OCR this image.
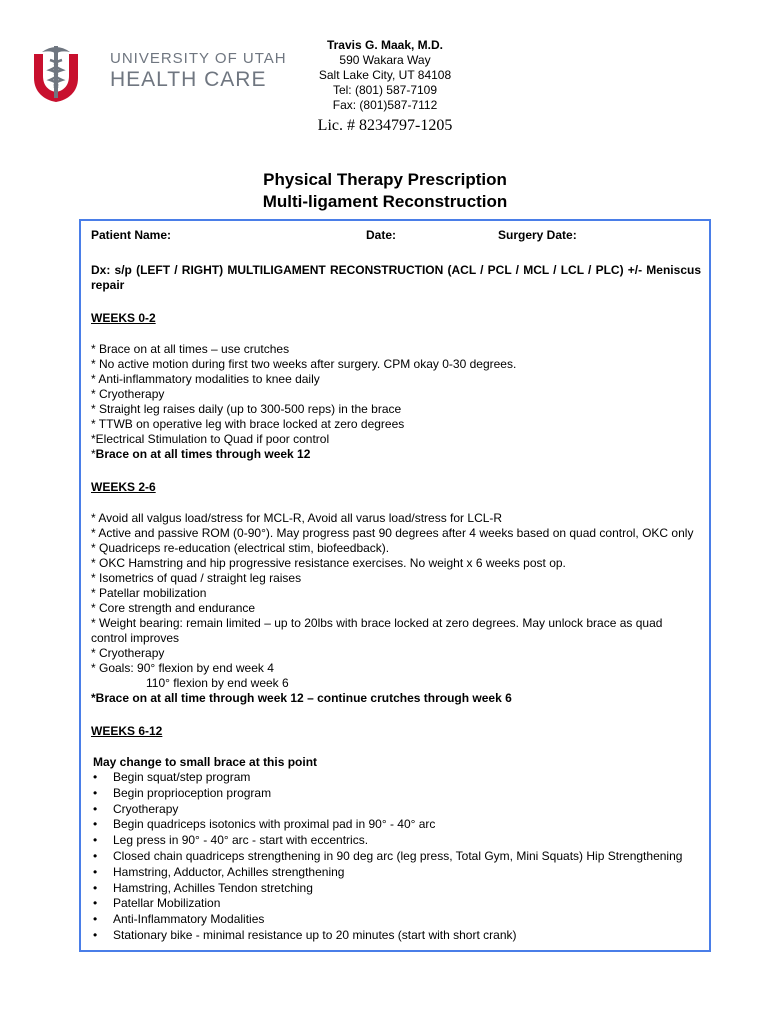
UNIVERSITY OF UTAH
HEALTH CARE
Travis G. Maak, M.D.
590 Wakara Way
Salt Lake City, UT 84108
Tel: (801) 587-7109
Fax: (801)587-7112
Lic. # 8234797-1205
Physical Therapy Prescription
Multi-ligament Reconstruction
Patient Name:	Date:	Surgery Date:
Dx: s/p (LEFT / RIGHT) MULTILIGAMENT RECONSTRUCTION (ACL / PCL / MCL / LCL / PLC) +/- Meniscus repair
WEEKS 0-2

* Brace on at all times – use crutches

* No active motion during first two weeks after surgery. CPM okay 0-30 degrees.

* Anti-inflammatory modalities to knee daily

* Cryotherapy

* Straight leg raises daily (up to 300-500 reps) in the brace

* TTWB on operative leg with brace locked at zero degrees

*Electrical Stimulation to Quad if poor control

*Brace on at all times through week 12

WEEKS 2-6

* Avoid all valgus load/stress for MCL-R, Avoid all varus load/stress for LCL-R

* Active and passive ROM (0-90°). May progress past 90 degrees after 4 weeks based on quad control, OKC only

* Quadriceps re-education (electrical stim, biofeedback).

* OKC Hamstring and hip progressive resistance exercises. No weight x 6 weeks post op.

* Isometrics of quad / straight leg raises

* Patellar mobilization

* Core strength and endurance

* Weight bearing: remain limited – up to 20lbs with brace locked at zero degrees. May unlock brace as quad control improves

* Cryotherapy

* Goals: 90° flexion by end week 4

110° flexion by end week 6

*Brace on at all time through week 12 – continue crutches through week 6

WEEKS 6-12
May change to small brace at this point
• Begin squat/step program
• Begin proprioception program
• Cryotherapy
• Begin quadriceps isotonics with proximal pad in 90° - 40° arc
• Leg press in 90° - 40° arc - start with eccentrics.
• Closed chain quadriceps strengthening in 90 deg arc (leg press, Total Gym, Mini Squats) Hip Strengthening
• Hamstring, Adductor, Achilles strengthening
• Hamstring, Achilles Tendon stretching
• Patellar Mobilization
• Anti-Inflammatory Modalities
• Stationary bike - minimal resistance up to 20 minutes (start with short crank)
